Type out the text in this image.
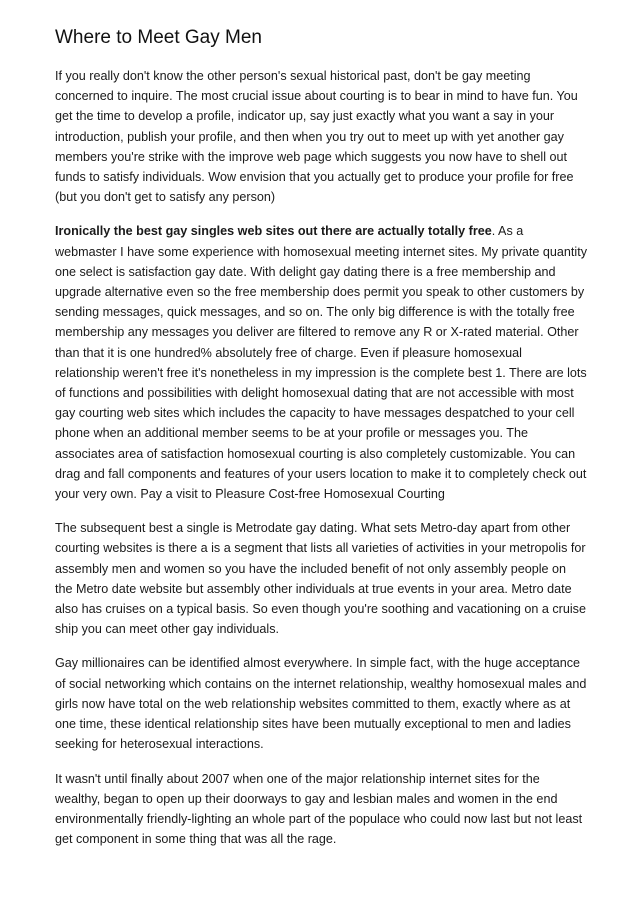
Where to Meet Gay Men

If you really don't know the other person's sexual historical past, don't be gay meeting concerned to inquire. The most crucial issue about courting is to bear in mind to have fun. You get the time to develop a profile, indicator up, say just exactly what you want a say in your introduction, publish your profile, and then when you try out to meet up with yet another gay members you're strike with the improve web page which suggests you now have to shell out funds to satisfy individuals. Wow envision that you actually get to produce your profile for free (but you don't get to satisfy any person)

Ironically the best gay singles web sites out there are actually totally free. As a webmaster I have some experience with homosexual meeting internet sites. My private quantity one select is satisfaction gay date. With delight gay dating there is a free membership and upgrade alternative even so the free membership does permit you speak to other customers by sending messages, quick messages, and so on. The only big difference is with the totally free membership any messages you deliver are filtered to remove any R or X-rated material. Other than that it is one hundred% absolutely free of charge. Even if pleasure homosexual relationship weren't free it's nonetheless in my impression is the complete best 1. There are lots of functions and possibilities with delight homosexual dating that are not accessible with most gay courting web sites which includes the capacity to have messages despatched to your cell phone when an additional member seems to be at your profile or messages you. The associates area of satisfaction homosexual courting is also completely customizable. You can drag and fall components and features of your users location to make it to completely check out your very own. Pay a visit to Pleasure Cost-free Homosexual Courting

The subsequent best a single is Metrodate gay dating. What sets Metro-day apart from other courting websites is there a is a segment that lists all varieties of activities in your metropolis for assembly men and women so you have the included benefit of not only assembly people on the Metro date website but assembly other individuals at true events in your area. Metro date also has cruises on a typical basis. So even though you're soothing and vacationing on a cruise ship you can meet other gay individuals.

Gay millionaires can be identified almost everywhere. In simple fact, with the huge acceptance of social networking which contains on the internet relationship, wealthy homosexual males and girls now have total on the web relationship websites committed to them, exactly where as at one time, these identical relationship sites have been mutually exceptional to men and ladies seeking for heterosexual interactions.

It wasn't until finally about 2007 when one of the major relationship internet sites for the wealthy, began to open up their doorways to gay and lesbian males and women in the end environmentally friendly-lighting an whole part of the populace who could now last but not least get component in some thing that was all the rage.
